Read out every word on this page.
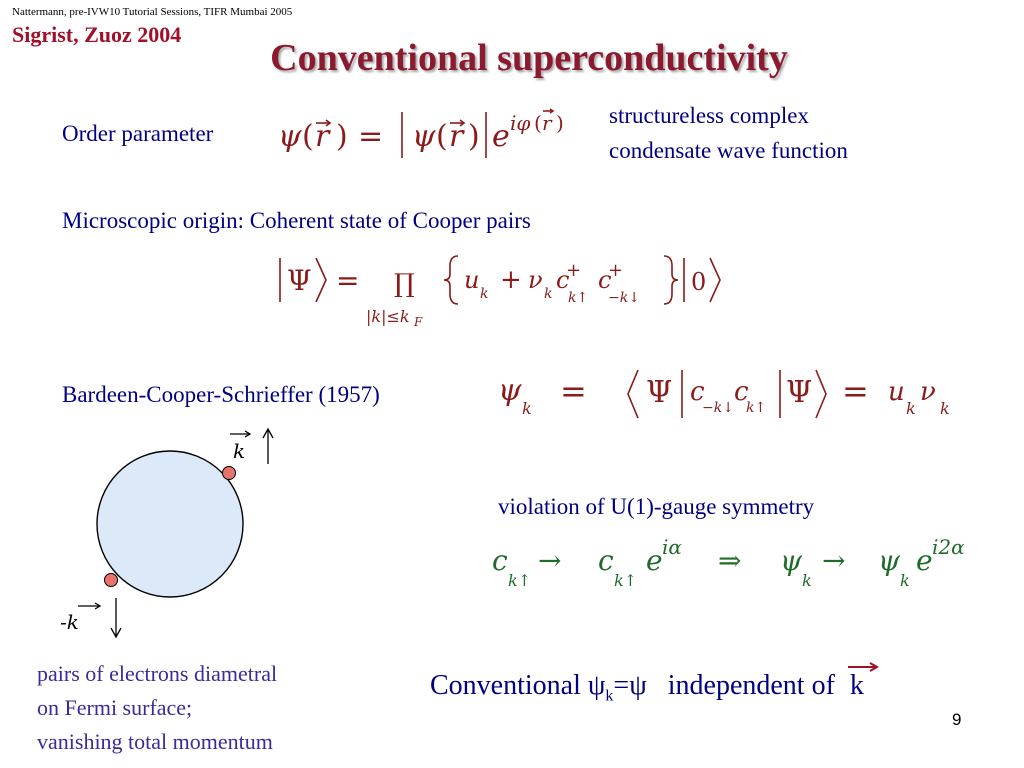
Nattermann, pre-IVW10 Tutorial Sessions, TIFR Mumbai 2005
Sigrist, Zuoz 2004
Conventional superconductivity
Order parameter ψ ( r ) = ψ ( r ) e iφ ( r ) structureless complex
condensate wave function
Microscopic origin: Coherent state of Cooper pairs
Ψ = ∏
|k|≤k F
u k + ν k c
+
k↑
c
+
−k↓
0
Bardeen-Cooper-Schrieffer (1957)	ψ
k = Ψ c
−k↓
c
k↑ Ψ = u
k
ν
k
k
-k
violation of U(1)-gauge symmetry
c
k↑
→ c
k↑
e iα ⇒ ψ
k
→ ψ
k
e i2α
pairs of electrons diametral
on Fermi surface;
vanishing total momentum
Conventional $\psi_k=\psi$ independent of k
9
